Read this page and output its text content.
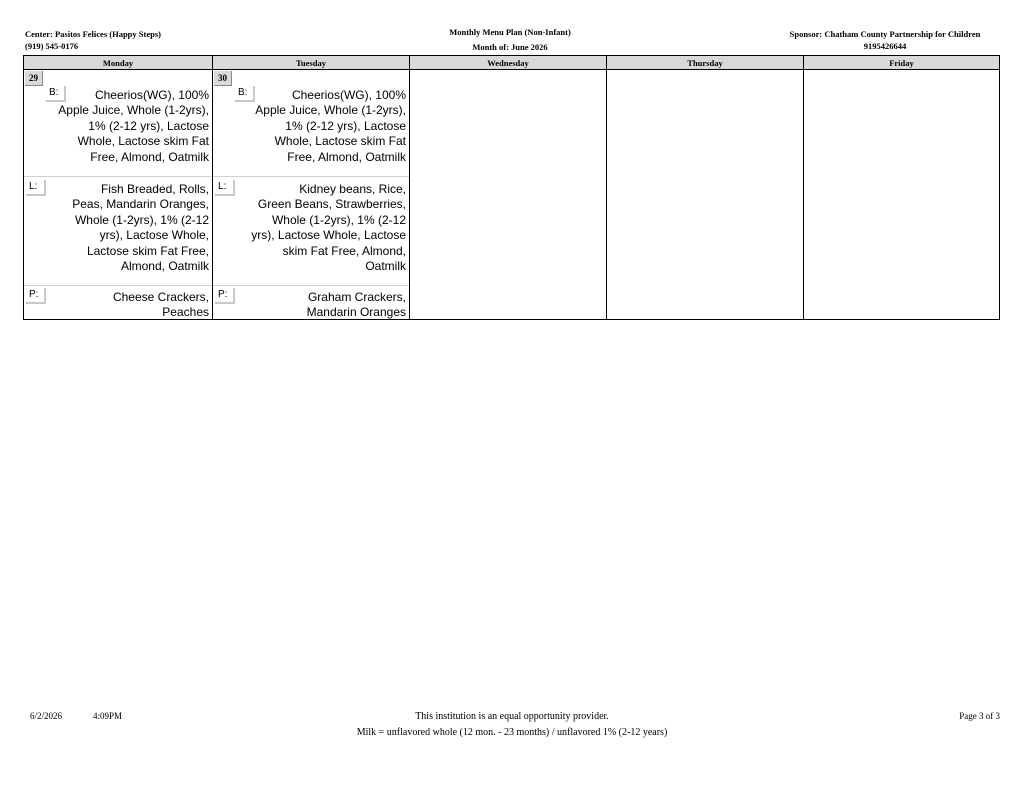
Center: Pasitos Felices (Happy Steps)
(919) 545-0176
Monthly Menu Plan (Non-Infant)
Month of: June 2026
Sponsor: Chatham County Partnership for Children
9195426644
Monday
29
B:	Cheerios(WG), 100%
Apple Juice, Whole (1-2yrs),
1% (2-12 yrs), Lactose
Whole, Lactose skim Fat
Free, Almond, Oatmilk
L:	Fish Breaded, Rolls,
Peas, Mandarin Oranges,
Whole (1-2yrs), 1% (2-12
yrs), Lactose Whole,
Lactose skim Fat Free,
Almond, Oatmilk
P:	Cheese Crackers,
Peaches
Tuesday
30
B:	Cheerios(WG), 100%
Apple Juice, Whole (1-2yrs),
1% (2-12 yrs), Lactose
Whole, Lactose skim Fat
Free, Almond, Oatmilk
L:	Kidney beans, Rice,
Green Beans, Strawberries,
Whole (1-2yrs), 1% (2-12
yrs), Lactose Whole, Lactose
skim Fat Free, Almond,
Oatmilk
P:	Graham Crackers,
Mandarin Oranges
Wednesday	Thursday	Friday
6/2/2026	4:09PM	This institution is an equal opportunity provider.
Milk = unflavored whole (12 mon. - 23 months) / unflavored 1% (2-12 years)
Page 3 of 3
